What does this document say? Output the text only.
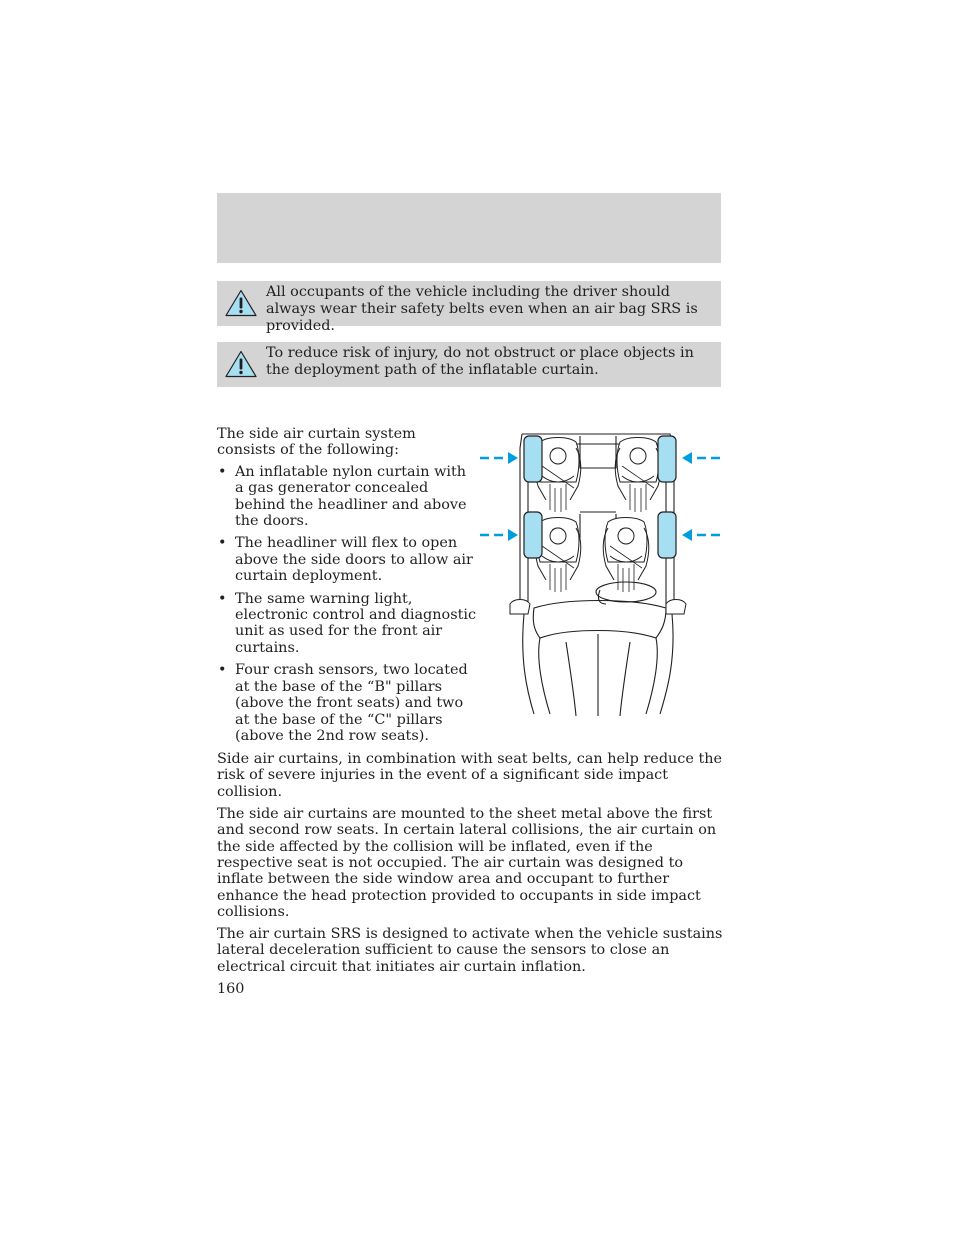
All occupants of the vehicle including the driver should always wear their safety belts even when an air bag SRS is provided.
To reduce risk of injury, do not obstruct or place objects in the deployment path of the inflatable curtain.

The side air curtain system consists of the following:

• An inflatable nylon curtain with a gas generator concealed behind the headliner and above the doors.
• The headliner will flex to open above the side doors to allow air curtain deployment.
• The same warning light, electronic control and diagnostic unit as used for the front air curtains.
• Four crash sensors, two located at the base of the “B" pillars (above the front seats) and two at the base of the “C" pillars (above the 2nd row seats).

Side air curtains, in combination with seat belts, can help reduce the risk of severe injuries in the event of a significant side impact collision.

The side air curtains are mounted to the sheet metal above the first and second row seats. In certain lateral collisions, the air curtain on the side affected by the collision will be inflated, even if the respective seat is not occupied. The air curtain was designed to inflate between the side window area and occupant to further enhance the head protection provided to occupants in side impact collisions.

The air curtain SRS is designed to activate when the vehicle sustains lateral deceleration sufficient to cause the sensors to close an electrical circuit that initiates air curtain inflation.

160
